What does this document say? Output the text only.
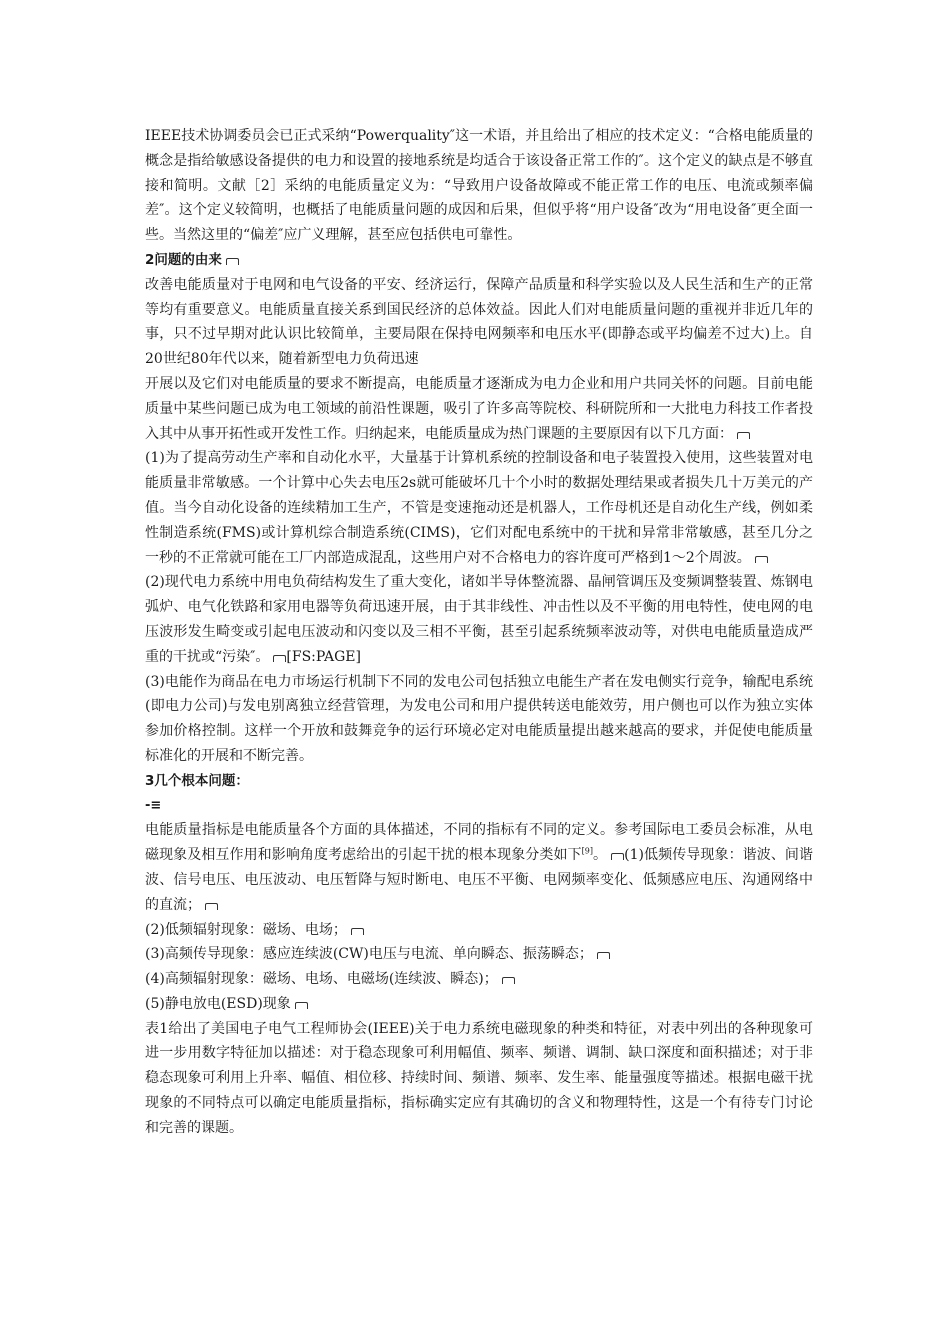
IEEE技术协调委员会已正式采纳“Powerquality″这一术语，并且给出了相应的技术定义：“合格电能质量的概念是指给敏感设备提供的电力和设置的接地系统是均适合于该设备正常工作的″。这个定义的缺点是不够直接和简明。文献［2］采纳的电能质量定义为：“导致用户设备故障或不能正常工作的电压、电流或频率偏差″。这个定义较简明，也概括了电能质量问题的成因和后果，但似乎将“用户设备″改为“用电设备″更全面一些。当然这里的“偏差″应广义理解，甚至应包括供电可靠性。

2问题的由来

改善电能质量对于电网和电气设备的平安、经济运行，保障产品质量和科学实验以及人民生活和生产的正常等均有重要意义。电能质量直接关系到国民经济的总体效益。因此人们对电能质量问题的重视并非近几年的事，只不过早期对此认识比较简单，主要局限在保持电网频率和电压水平(即静态或平均偏差不过大)上。自20世纪80年代以来，随着新型电力负荷迅速

开展以及它们对电能质量的要求不断提高，电能质量才逐渐成为电力企业和用户共同关怀的问题。目前电能质量中某些问题已成为电工领域的前沿性课题，吸引了许多高等院校、科研院所和一大批电力科技工作者投入其中从事开拓性或开发性工作。归纳起来，电能质量成为热门课题的主要原因有以下几方面：

(1)为了提高劳动生产率和自动化水平，大量基于计算机系统的控制设备和电子装置投入使用，这些装置对电能质量非常敏感。一个计算中心失去电压2s就可能破坏几十个小时的数据处理结果或者损失几十万美元的产值。当今自动化设备的连续精加工生产，不管是变速拖动还是机器人，工作母机还是自动化生产线，例如柔性制造系统(FMS)或计算机综合制造系统(CIMS)，它们对配电系统中的干扰和异常非常敏感，甚至几分之一秒的不正常就可能在工厂内部造成混乱，这些用户对不合格电力的容许度可严格到1～2个周波。

(2)现代电力系统中用电负荷结构发生了重大变化，诸如半导体整流器、晶闸管调压及变频调整装置、炼钢电弧炉、电气化铁路和家用电器等负荷迅速开展，由于其非线性、冲击性以及不平衡的用电特性，使电网的电压波形发生畸变或引起电压波动和闪变以及三相不平衡，甚至引起系统频率波动等，对供电电能质量造成严重的干扰或“污染″。 [FS:PAGE]

(3)电能作为商品在电力市场运行机制下不同的发电公司包括独立电能生产者在发电侧实行竞争，输配电系统(即电力公司)与发电别离独立经营管理，为发电公司和用户提供转送电能效劳，用户侧也可以作为独立实体参加价格控制。这样一个开放和鼓舞竞争的运行环境必定对电能质量提出越来越高的要求，并促使电能质量标准化的开展和不断完善。

3几个根本问题：

-≡

电能质量指标是电能质量各个方面的具体描述，不同的指标有不同的定义。参考国际电工委员会标准，从电磁现象及相互作用和影响角度考虑给出的引起干扰的根本现象分类如下[9]。 (1)低频传导现象：谐波、间谐波、信号电压、电压波动、电压暂降与短时断电、电压不平衡、电网频率变化、低频感应电压、沟通网络中的直流；

(2)低频辐射现象：磁场、电场；

(3)高频传导现象：感应连续波(CW)电压与电流、单向瞬态、振荡瞬态；

(4)高频辐射现象：磁场、电场、电磁场(连续波、瞬态)；

(5)静电放电(ESD)现象

表1给出了美国电子电气工程师协会(IEEE)关于电力系统电磁现象的种类和特征，对表中列出的各种现象可进一步用数字特征加以描述：对于稳态现象可利用幅值、频率、频谱、调制、缺口深度和面积描述；对于非稳态现象可利用上升率、幅值、相位移、持续时间、频谱、频率、发生率、能量强度等描述。根据电磁干扰现象的不同特点可以确定电能质量指标，指标确实定应有其确切的含义和物理特性，这是一个有待专门讨论和完善的课题。
